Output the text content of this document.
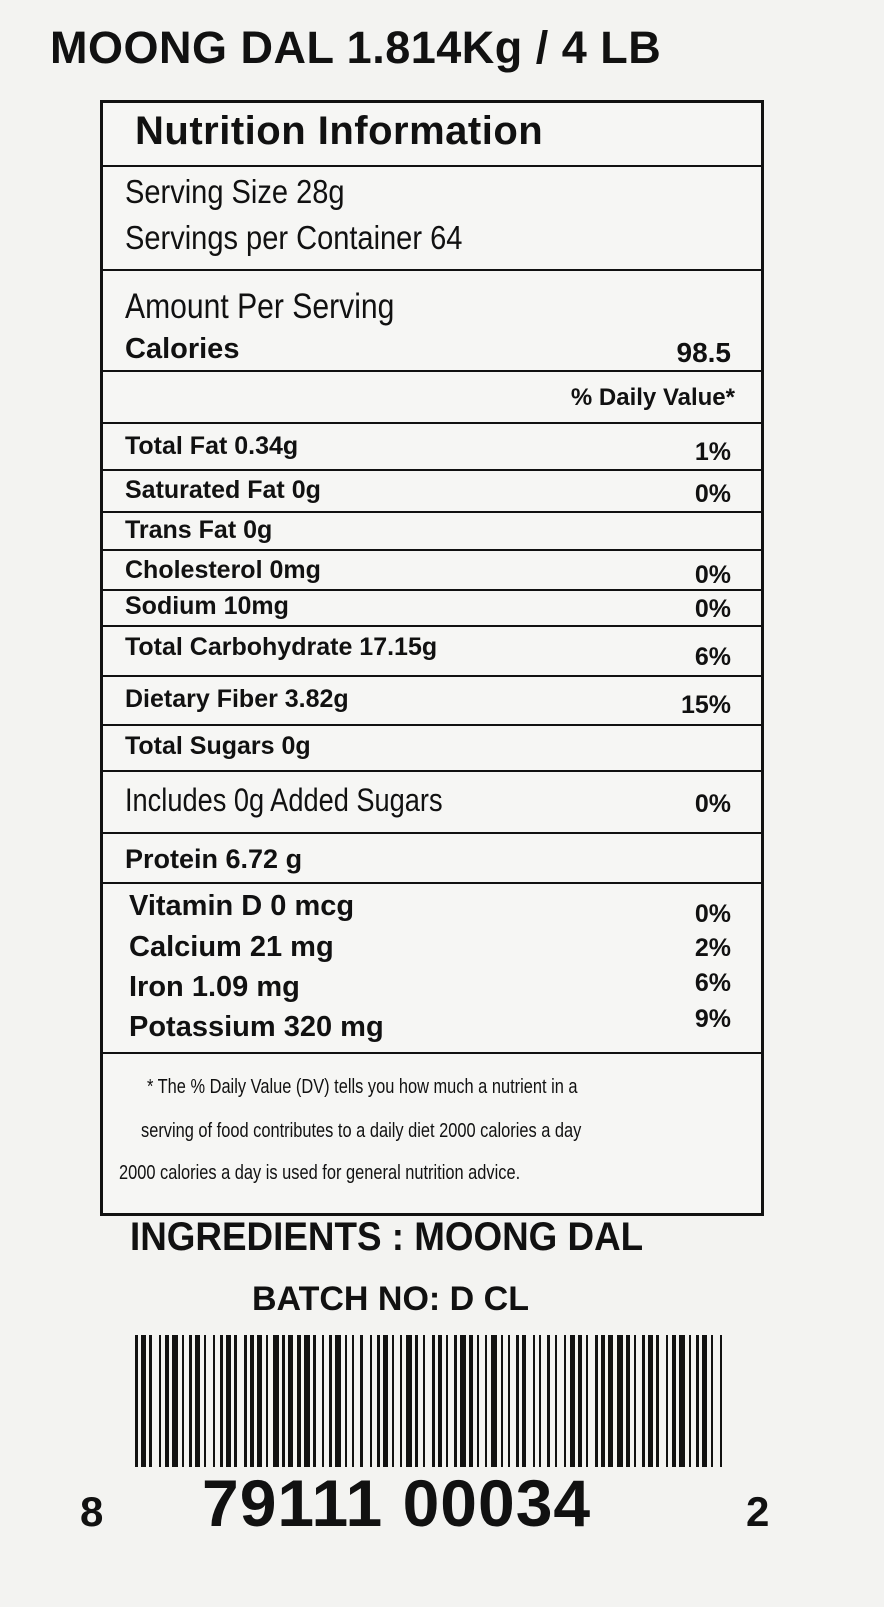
MOONG DAL 1.814Kg / 4 LB
Nutrition Information
Serving Size 28g
Servings per Container 64
Amount Per Serving
Calories	98.5
% Daily Value*
Total Fat 0.34g	1%
Saturated Fat 0g	0%
Trans Fat 0g
Cholesterol 0mg	0%
Sodium 10mg	0%
Total Carbohydrate 17.15g	6%
Dietary Fiber 3.82g	15%
Total Sugars 0g
Includes 0g Added Sugars	0%
Protein 6.72 g
Vitamin D 0 mcg	0%
Calcium 21 mg	2%
Iron 1.09 mg	6%
Potassium 320 mg	9%
* The % Daily Value (DV) tells you how much a nutrient in a
serving of food contributes to a daily diet 2000 calories a day
2000 calories a day is used for general nutrition advice.
INGREDIENTS : MOONG DAL
BATCH NO: D CL
8 79111 00034	2
